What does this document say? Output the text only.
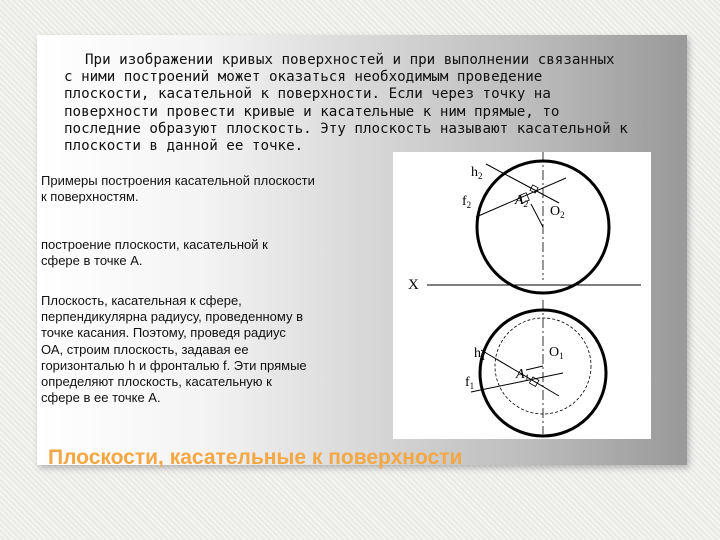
При изображении кривых поверхностей и при выполнении связанных
с ними построений может оказаться необходимым проведение
плоскости, касательной к поверхности. Если через точку на
поверхности провести кривые и касательные к ним прямые, то
последние образуют плоскость. Эту плоскость называют касательной к
плоскости в данной ее точке.

$h_2$
$f_2$	$A_2$ $O_2$
X
$h_1$
$f_1$
$A_1$
$O_1$

Примеры построения касательной плоскости
к поверхностям.

построение плоскости, касательной к
сфере в точке А.

Плоскость, касательная к сфере,
перпендикулярна радиусу, проведенному в
точке касания. Поэтому, проведя радиус
ОА, строим плоскость, задавая ее
горизонталью h и фронталью f. Эти прямые
определяют плоскость, касательную к
сфере в ее точке А.

Плоскости, касательные к поверхности
